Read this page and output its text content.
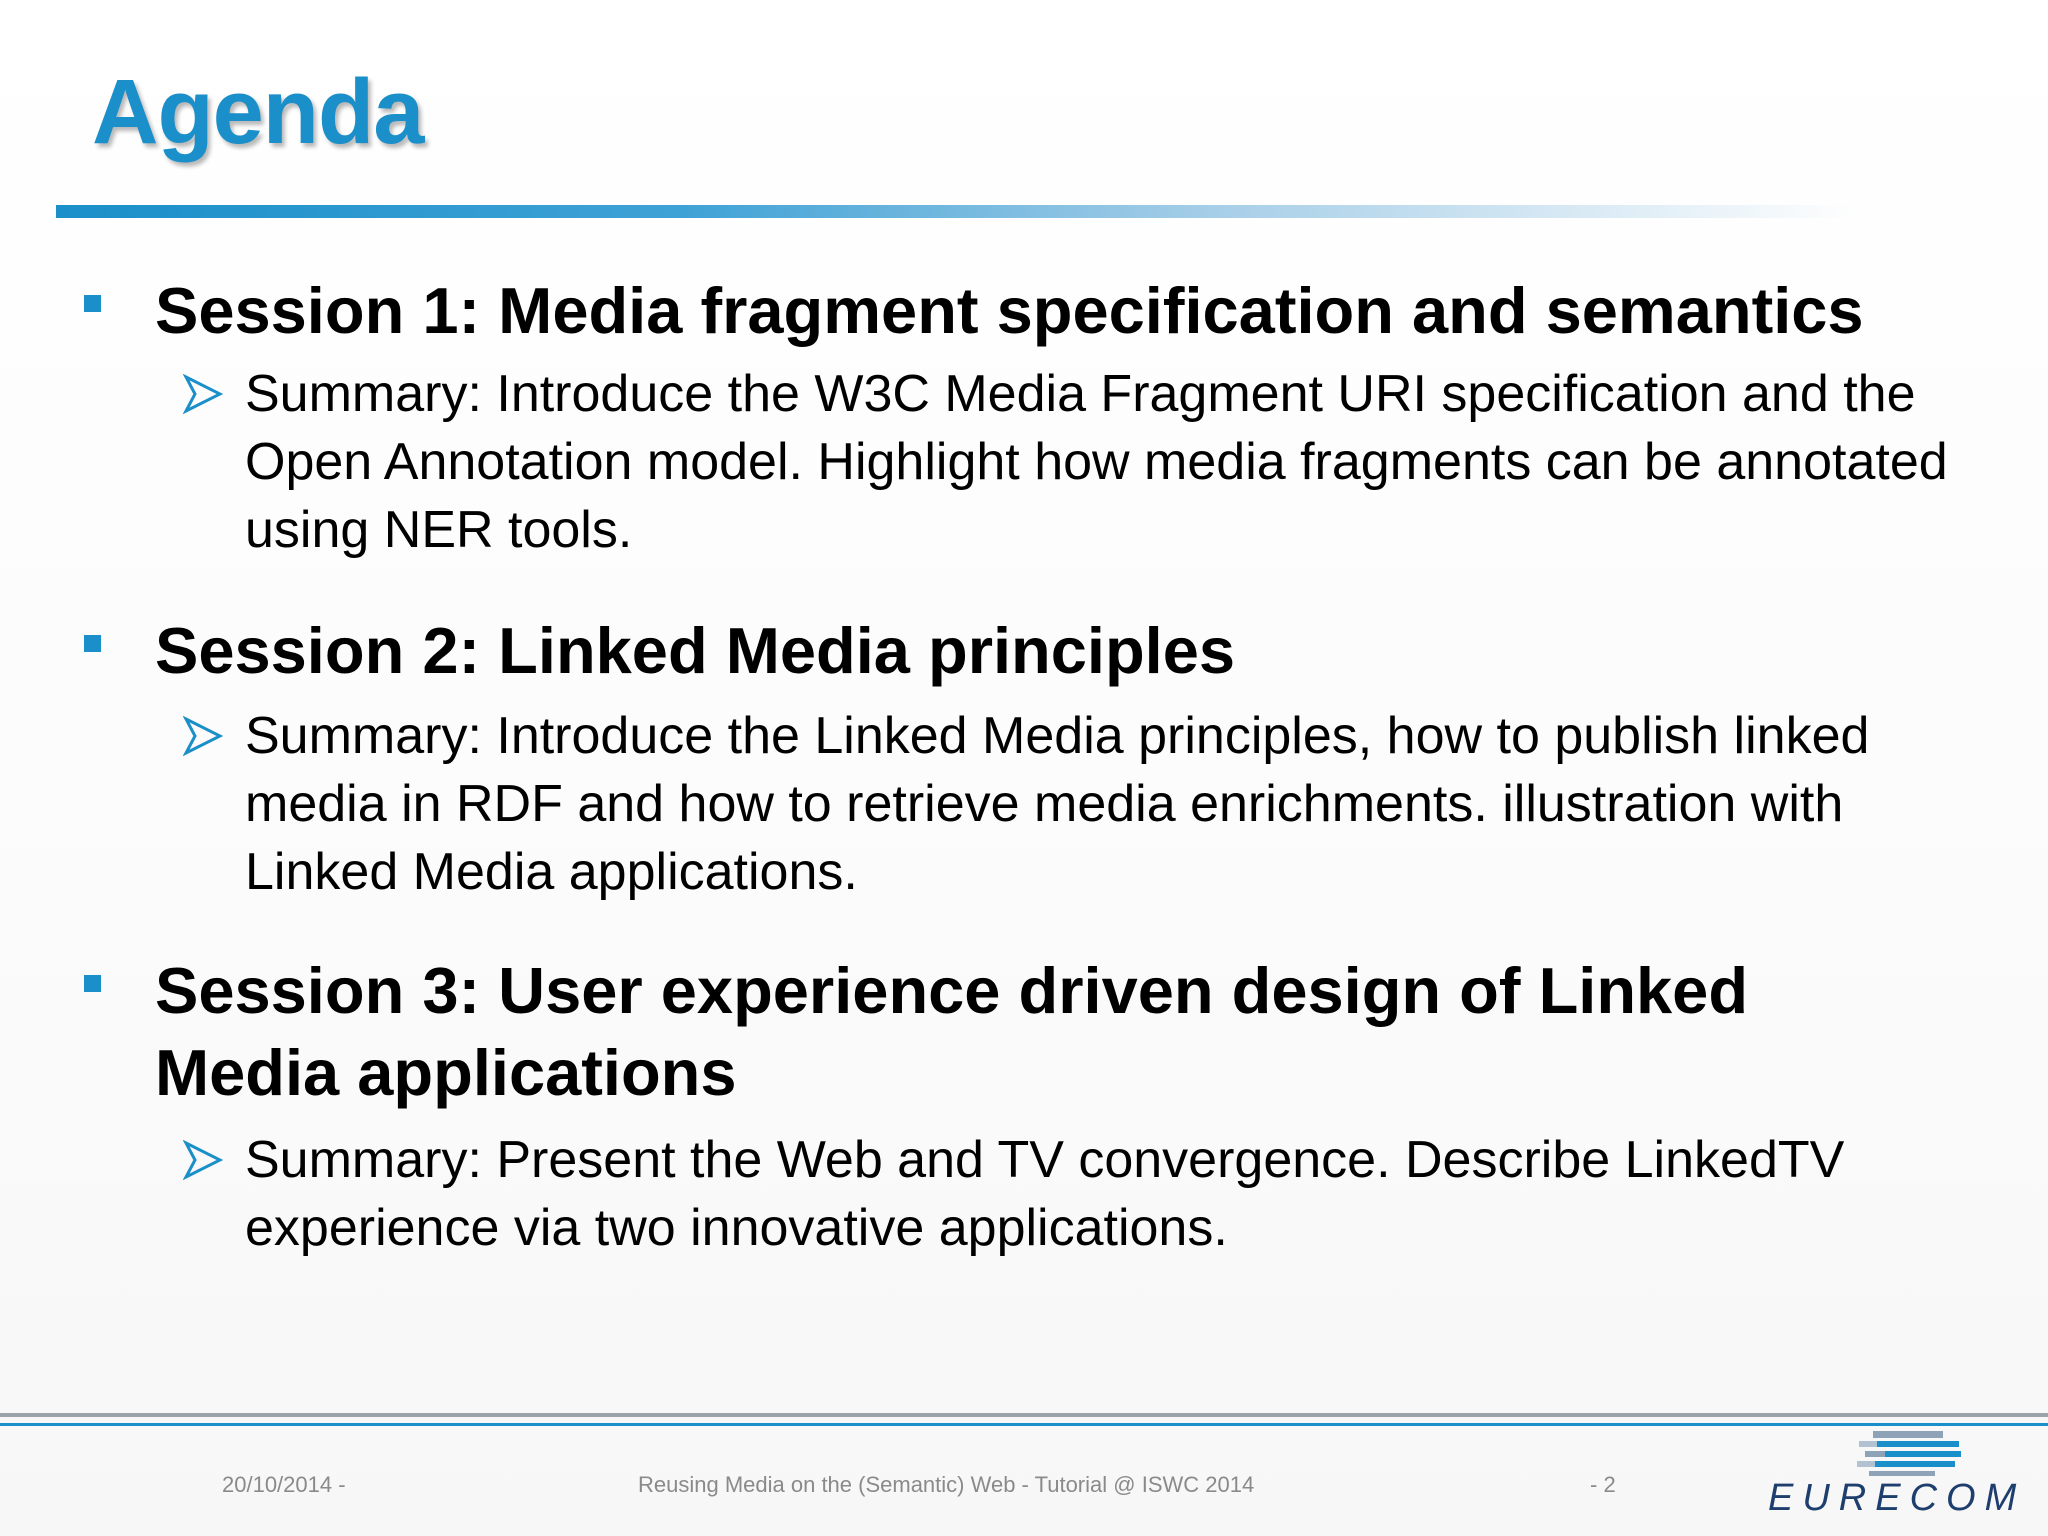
Agenda

Session 1: Media fragment specification and semantics

Summary: Introduce the W3C Media Fragment URI specification and the Open Annotation model. Highlight how media fragments can be annotated using NER tools.

Session 2: Linked Media principles

Summary: Introduce the Linked Media principles, how to publish linked media in RDF and how to retrieve media enrichments. illustration with Linked Media applications.

Session 3: User experience driven design of Linked Media applications

Summary: Present the Web and TV convergence. Describe LinkedTV experience via two innovative applications.

20/10/2014 -	Reusing Media on the (Semantic) Web - Tutorial @ ISWC 2014	- 2	EURECOM
